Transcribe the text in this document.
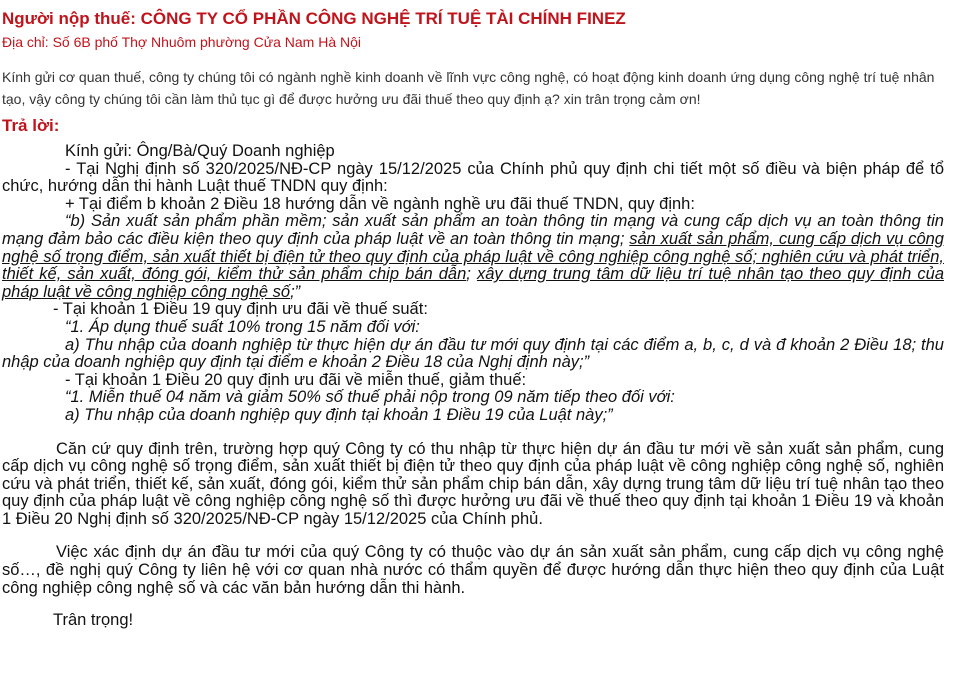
Người nộp thuế: CÔNG TY CỔ PHẦN CÔNG NGHỆ TRÍ TUỆ TÀI CHÍNH FINEZ
Địa chỉ: Số 6B phố Thợ Nhuôm phường Cửa Nam Hà Nội
Kính gửi cơ quan thuế, công ty chúng tôi có ngành nghề kinh doanh về lĩnh vực công nghệ, có hoạt động kinh doanh ứng dụng công nghệ trí tuệ nhân tạo, vậy công ty chúng tôi cần làm thủ tục gì để được hưởng ưu đãi thuế theo quy định ạ? xin trân trọng cảm ơn!
Trả lời:

Kính gửi: Ông/Bà/Quý Doanh nghiệp

- Tại Nghị định số 320/2025/NĐ-CP ngày 15/12/2025 của Chính phủ quy định chi tiết một số điều và biện pháp để tổ chức, hướng dẫn thi hành Luật thuế TNDN quy định:

+ Tại điểm b khoản 2 Điều 18 hướng dẫn về ngành nghề ưu đãi thuế TNDN, quy định:

“b) Sản xuất sản phẩm phần mềm; sản xuất sản phẩm an toàn thông tin mạng và cung cấp dịch vụ an toàn thông tin mạng đảm bảo các điều kiện theo quy định của pháp luật về an toàn thông tin mạng; sản xuất sản phẩm, cung cấp dịch vụ công nghệ số trọng điểm, sản xuất thiết bị điện tử theo quy định của pháp luật về công nghiệp công nghệ số; nghiên cứu và phát triển, thiết kế, sản xuất, đóng gói, kiểm thử sản phẩm chip bán dẫn; xây dựng trung tâm dữ liệu trí tuệ nhân tạo theo quy định của pháp luật về công nghiệp công nghệ số;”

- Tại khoản 1 Điều 19 quy định ưu đãi về thuế suất:

“1. Áp dụng thuế suất 10% trong 15 năm đối với:

a) Thu nhập của doanh nghiệp từ thực hiện dự án đầu tư mới quy định tại các điểm a, b, c, d và đ khoản 2 Điều 18; thu nhập của doanh nghiệp quy định tại điểm e khoản 2 Điều 18 của Nghị định này;”

- Tại khoản 1 Điều 20 quy định ưu đãi về miễn thuế, giảm thuế:

“1. Miễn thuế 04 năm và giảm 50% số thuế phải nộp trong 09 năm tiếp theo đối với:

a) Thu nhập của doanh nghiệp quy định tại khoản 1 Điều 19 của Luật này;”

Căn cứ quy định trên, trường hợp quý Công ty có thu nhập từ thực hiện dự án đầu tư mới về sản xuất sản phẩm, cung cấp dịch vụ công nghệ số trọng điểm, sản xuất thiết bị điện tử theo quy định của pháp luật về công nghiệp công nghệ số, nghiên cứu và phát triển, thiết kế, sản xuất, đóng gói, kiểm thử sản phẩm chip bán dẫn, xây dựng trung tâm dữ liệu trí tuệ nhân tạo theo quy định của pháp luật về công nghiệp công nghệ số thì được hưởng ưu đãi về thuế theo quy định tại khoản 1 Điều 19 và khoản 1 Điều 20 Nghị định số 320/2025/NĐ-CP ngày 15/12/2025 của Chính phủ.

Việc xác định dự án đầu tư mới của quý Công ty có thuộc vào dự án sản xuất sản phẩm, cung cấp dịch vụ công nghệ số…, đề nghị quý Công ty liên hệ với cơ quan nhà nước có thẩm quyền để được hướng dẫn thực hiện theo quy định của Luật công nghiệp công nghệ số và các văn bản hướng dẫn thi hành.

Trân trọng!
